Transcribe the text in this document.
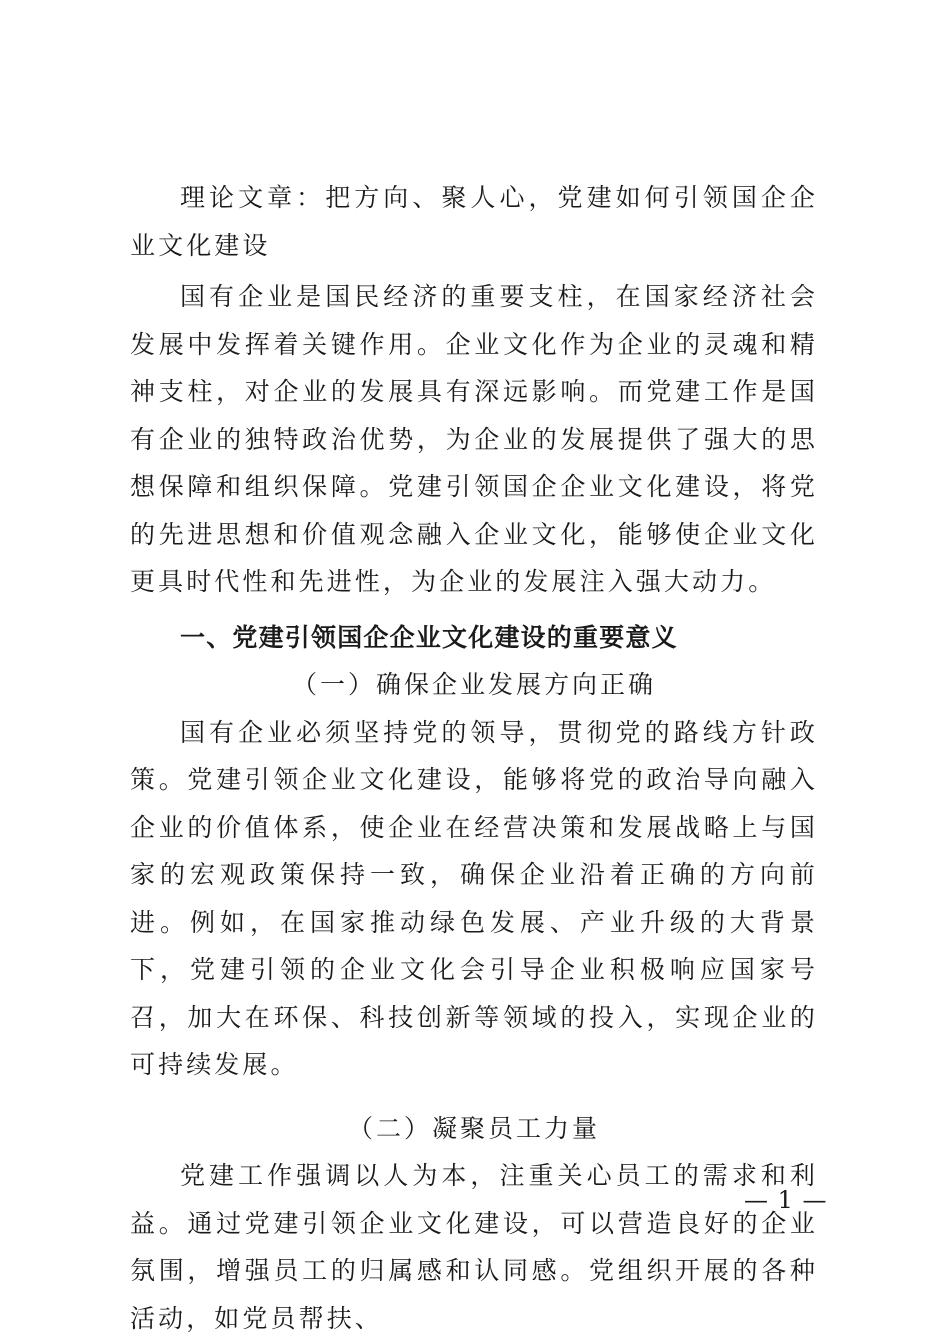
理论文章：把方向、聚人心，党建如何引领国企企业文化建设

国有企业是国民经济的重要支柱，在国家经济社会发展中发挥着关键作用。企业文化作为企业的灵魂和精神支柱，对企业的发展具有深远影响。而党建工作是国有企业的独特政治优势，为企业的发展提供了强大的思想保障和组织保障。党建引领国企企业文化建设，将党的先进思想和价值观念融入企业文化，能够使企业文化更具时代性和先进性，为企业的发展注入强大动力。

一、党建引领国企企业文化建设的重要意义

（一）确保企业发展方向正确

国有企业必须坚持党的领导，贯彻党的路线方针政策。党建引领企业文化建设，能够将党的政治导向融入企业的价值体系，使企业在经营决策和发展战略上与国家的宏观政策保持一致，确保企业沿着正确的方向前进。例如，在国家推动绿色发展、产业升级的大背景下，党建引领的企业文化会引导企业积极响应国家号召，加大在环保、科技创新等领域的投入，实现企业的可持续发展。

（二）凝聚员工力量

党建工作强调以人为本，注重关心员工的需求和利益。通过党建引领企业文化建设，可以营造良好的企业氛围，增强员工的归属感和认同感。党组织开展的各种活动，如党员帮扶、

— 1 —
